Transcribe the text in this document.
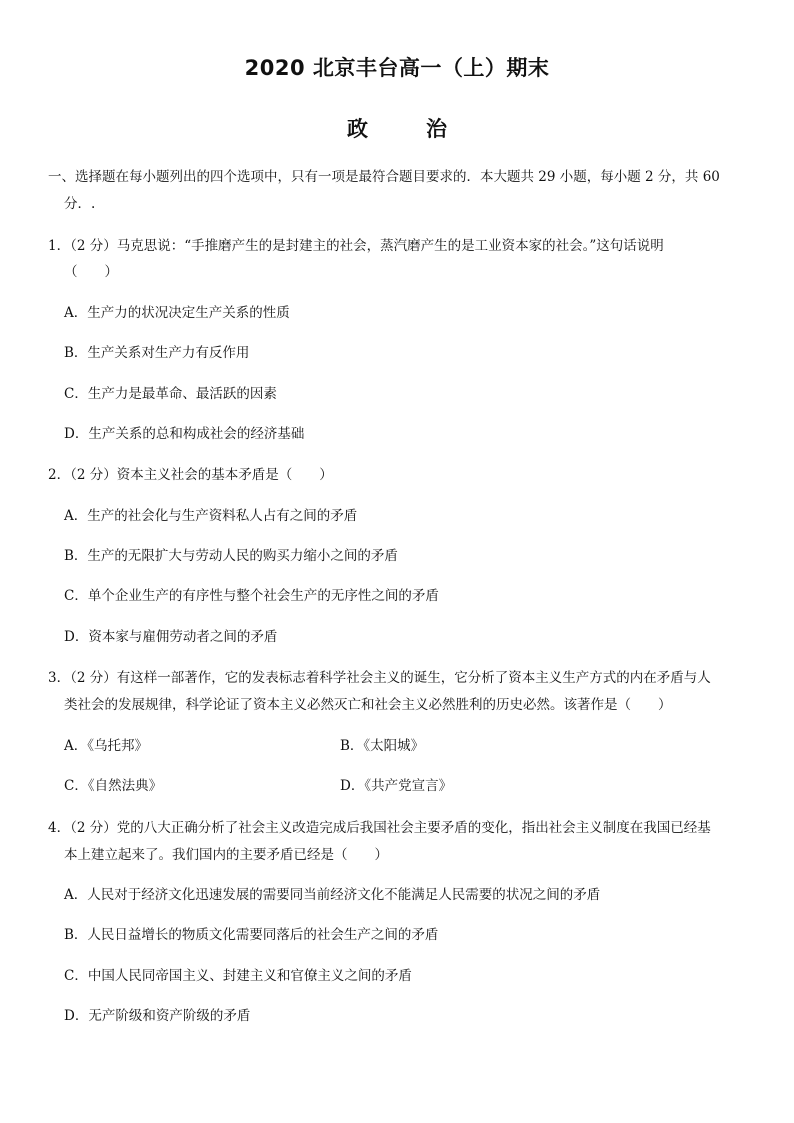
2020 北京丰台高一（上）期末
政治
一、选择题在每小题列出的四个选项中，只有一项是最符合题目要求的．本大题共 29 小题，每小题 2 分，共 60
分．.
1．（2 分）马克思说：“手推磨产生的是封建主的社会，蒸汽磨产生的是工业资本家的社会。”这句话说明
（　　）
A．生产力的状况决定生产关系的性质
B．生产关系对生产力有反作用
C．生产力是最革命、最活跃的因素
D．生产关系的总和构成社会的经济基础
2．（2 分）资本主义社会的基本矛盾是（　　）
A．生产的社会化与生产资料私人占有之间的矛盾
B．生产的无限扩大与劳动人民的购买力缩小之间的矛盾
C．单个企业生产的有序性与整个社会生产的无序性之间的矛盾
D．资本家与雇佣劳动者之间的矛盾
3．（2 分）有这样一部著作，它的发表标志着科学社会主义的诞生，它分析了资本主义生产方式的内在矛盾与人
类社会的发展规律，科学论证了资本主义必然灭亡和社会主义必然胜利的历史必然。该著作是（　　）
A．《乌托邦》	B．《太阳城》
C．《自然法典》	D．《共产党宣言》
4．（2 分）党的八大正确分析了社会主义改造完成后我国社会主要矛盾的变化，指出社会主义制度在我国已经基
本上建立起来了。我们国内的主要矛盾已经是（　　）
A．人民对于经济文化迅速发展的需要同当前经济文化不能满足人民需要的状况之间的矛盾
B．人民日益增长的物质文化需要同落后的社会生产之间的矛盾
C．中国人民同帝国主义、封建主义和官僚主义之间的矛盾
D．无产阶级和资产阶级的矛盾
